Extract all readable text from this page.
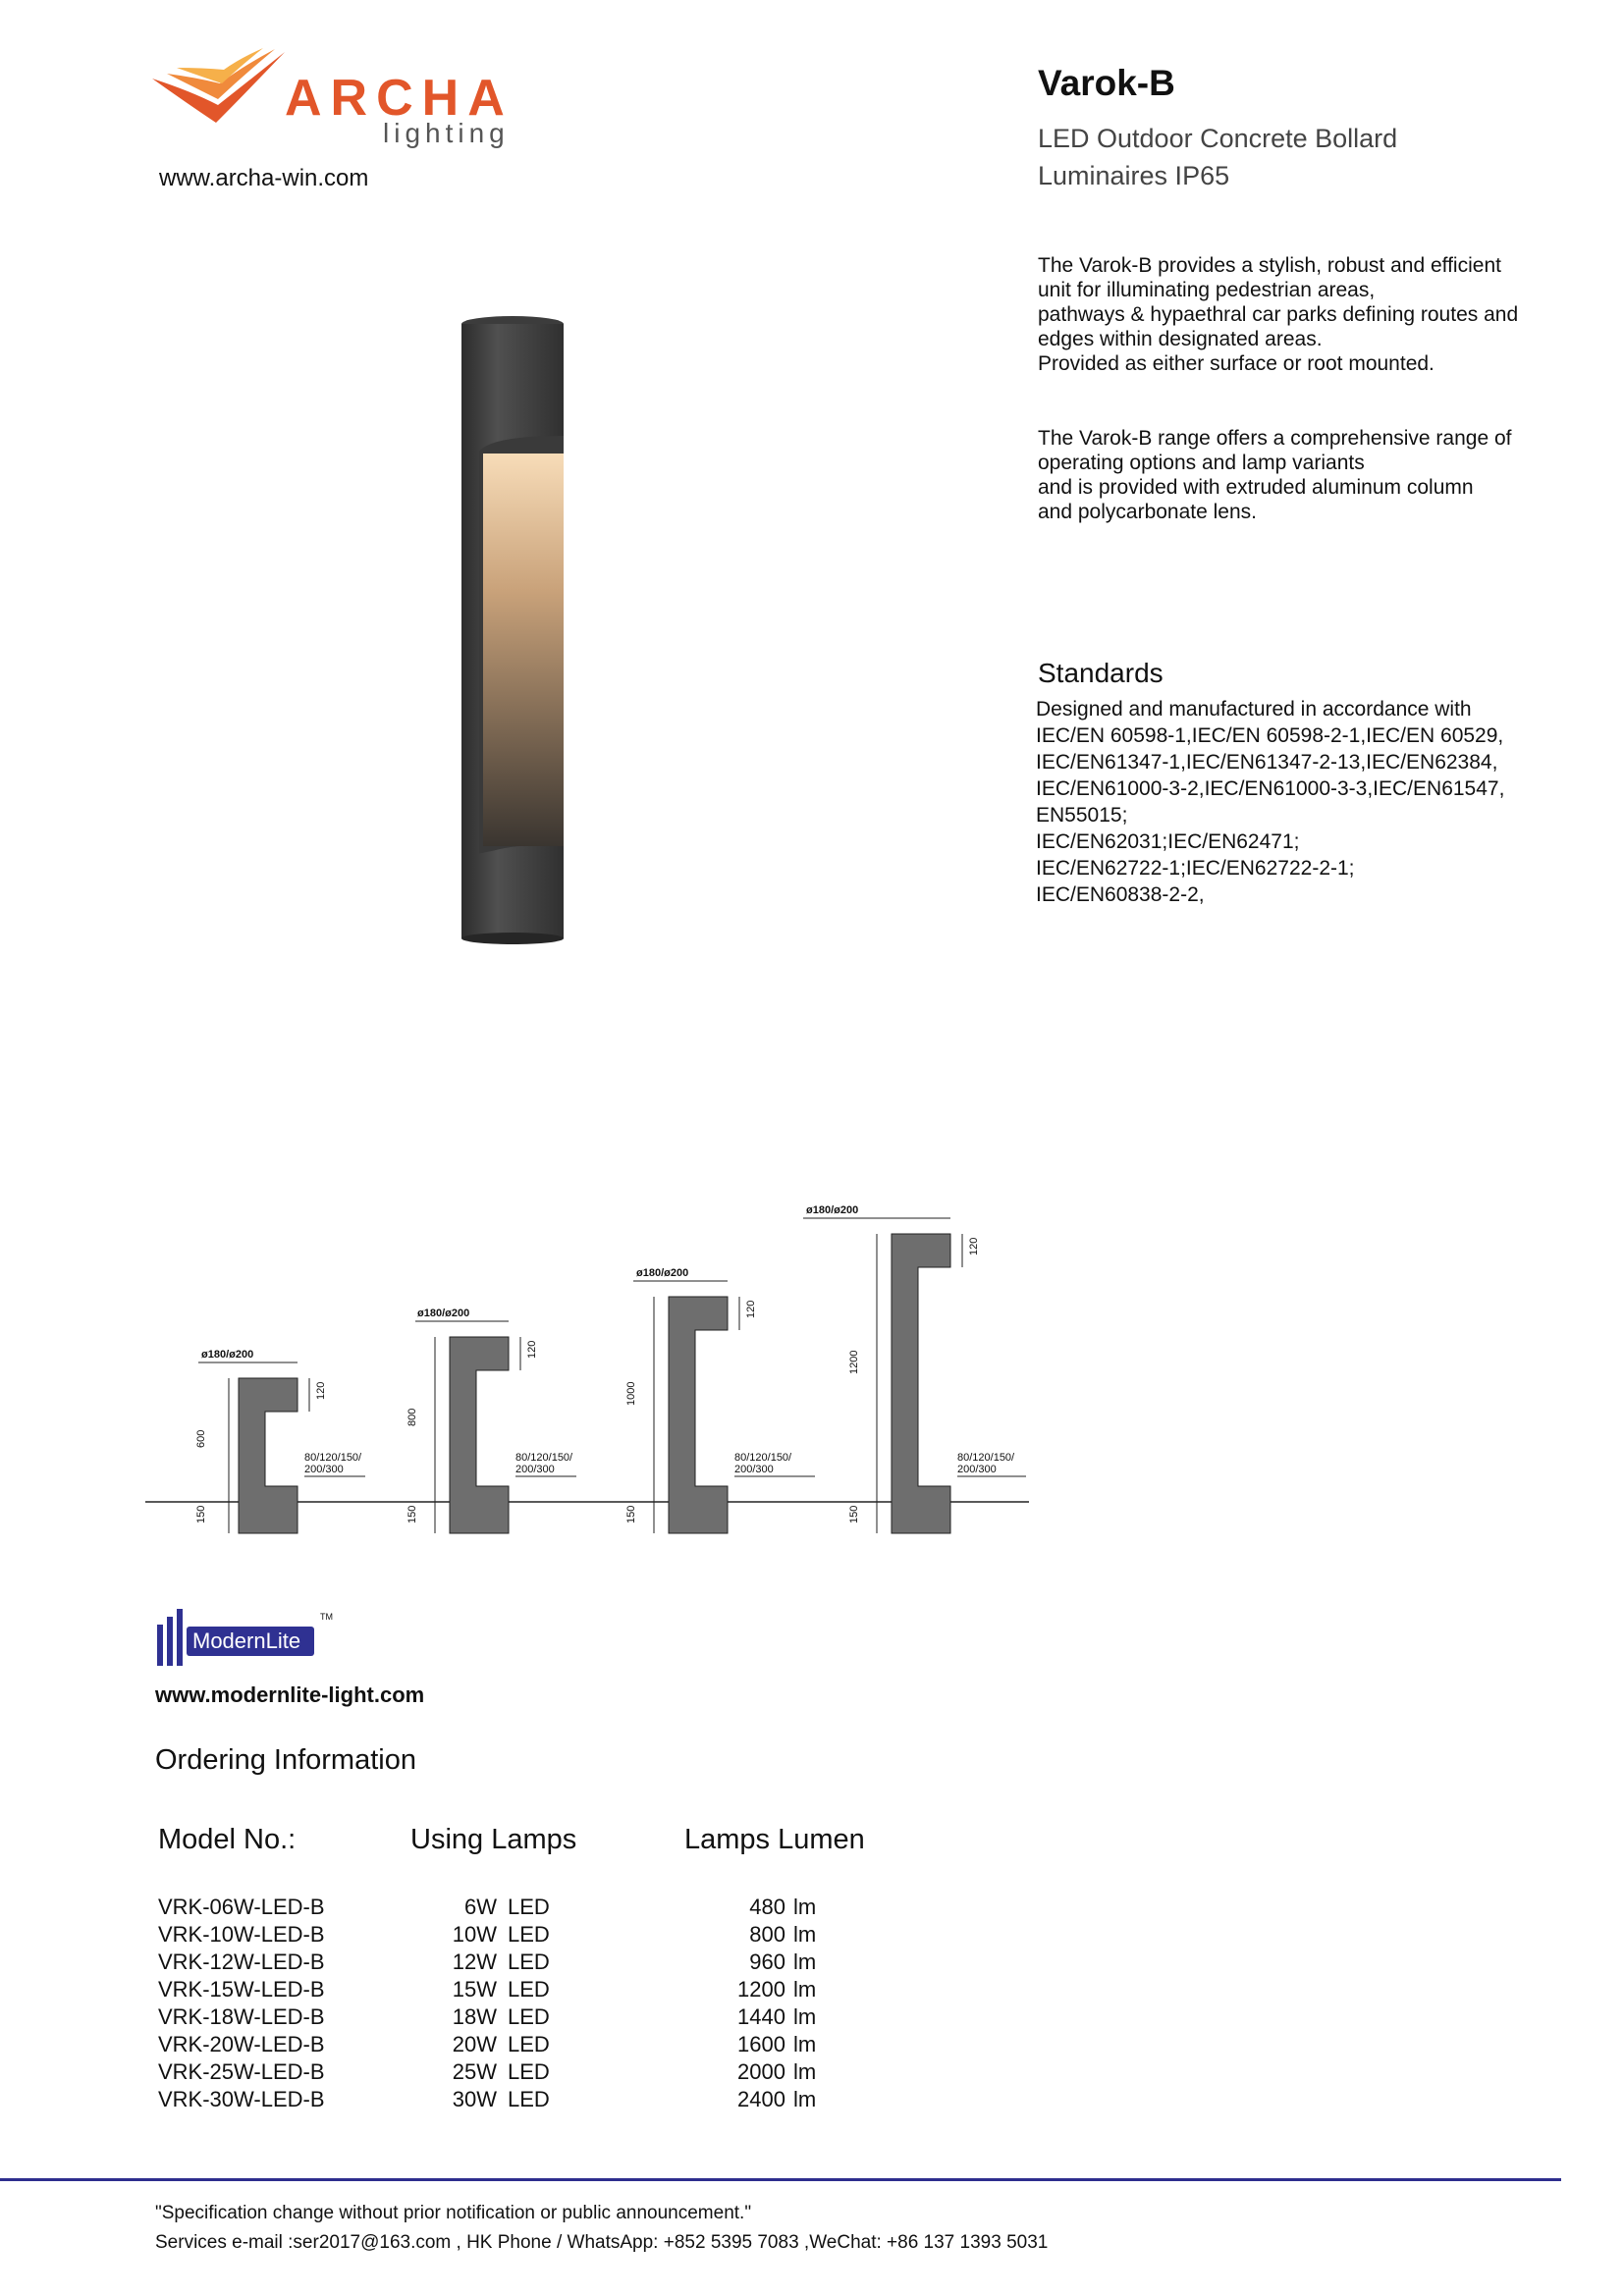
ARCHA
lighting
www.archa-win.com
Varok-B
LED Outdoor Concrete Bollard
Luminaires IP65
The Varok-B provides a stylish, robust and efficient
unit for illuminating pedestrian areas,
pathways & hypaethral car parks defining routes and
edges within designated areas.
Provided as either surface or root mounted.
The Varok-B range offers a comprehensive range of
operating options and lamp variants
and is provided with extruded aluminum column
and polycarbonate lens.
Standards
Designed and manufactured in accordance with
IEC/EN 60598-1,IEC/EN 60598-2-1,IEC/EN 60529,
IEC/EN61347-1,IEC/EN61347-2-13,IEC/EN62384,
IEC/EN61000-3-2,IEC/EN61000-3-3,IEC/EN61547,
EN55015;
IEC/EN62031;IEC/EN62471;
IEC/EN62722-1;IEC/EN62722-2-1;
IEC/EN60838-2-2,
ø180/ø200
600
150
120
80/120/150/
200/300
ø180/ø200
800
150
120
80/120/150/
200/300
ø180/ø200
1000
150
120
80/120/150/
200/300
ø180/ø200
1200
150
120
80/120/150/
200/300
ModernLite
TM
www.modernlite-light.com
Ordering Information
Model No.:	Using Lamps	Lamps Lumen
VRK-06W-LED-B
VRK-10W-LED-B
VRK-12W-LED-B
VRK-15W-LED-B
VRK-18W-LED-B
VRK-20W-LED-B
VRK-25W-LED-B
VRK-30W-LED-B
6W
10W
12W
15W
18W
20W
25W
30W
LED
LED
LED
LED
LED
LED
LED
LED
480
800
960
1200
1440
1600
2000
2400
lm
lm
lm
lm
lm
lm
lm
lm
"Specification change without prior notification or public announcement."
Services e-mail :ser2017@163.com , HK Phone / WhatsApp: +852 5395 7083 ,WeChat: +86 137 1393 5031
